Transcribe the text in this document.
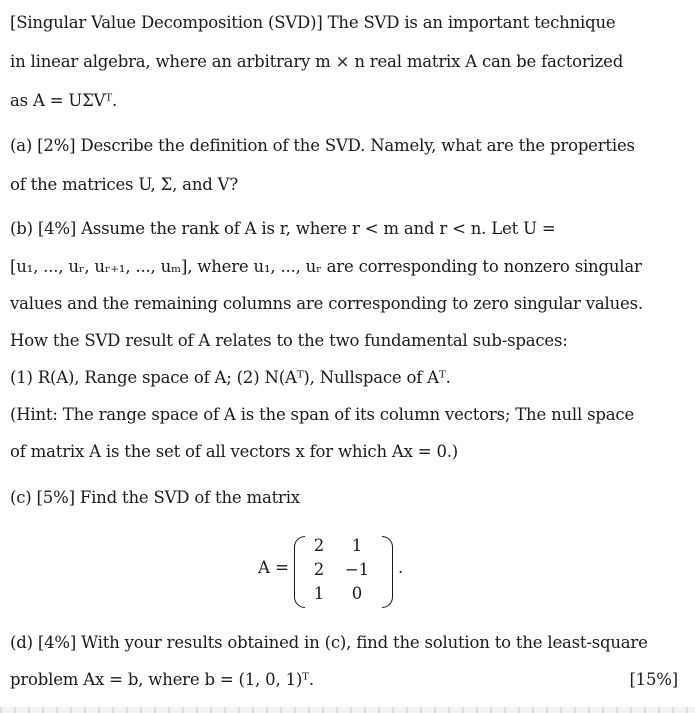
[Singular Value Decomposition (SVD)] The SVD is an important technique
in linear algebra, where an arbitrary m × n real matrix A can be factorized
as A = UΣVᵀ.
(a) [2%] Describe the definition of the SVD. Namely, what are the properties
of the matrices U, Σ, and V?
(b) [4%] Assume the rank of A is r, where r < m and r < n. Let U =
[u₁, ..., uᵣ, uᵣ₊₁, ..., uₘ], where u₁, ..., uᵣ are corresponding to nonzero singular
values and the remaining columns are corresponding to zero singular values.
How the SVD result of A relates to the two fundamental sub-spaces:
(1) R(A), Range space of A; (2) N(Aᵀ), Nullspace of Aᵀ.
(Hint: The range space of A is the span of its column vectors; The null space
of matrix A is the set of all vectors x for which Ax = 0.)
(c) [5%] Find the SVD of the matrix
A =
2	1
2	−1
1	0
.
(d) [4%] With your results obtained in (c), find the solution to the least-square
problem Ax = b, where b = (1, 0, 1)ᵀ.	[15%]
